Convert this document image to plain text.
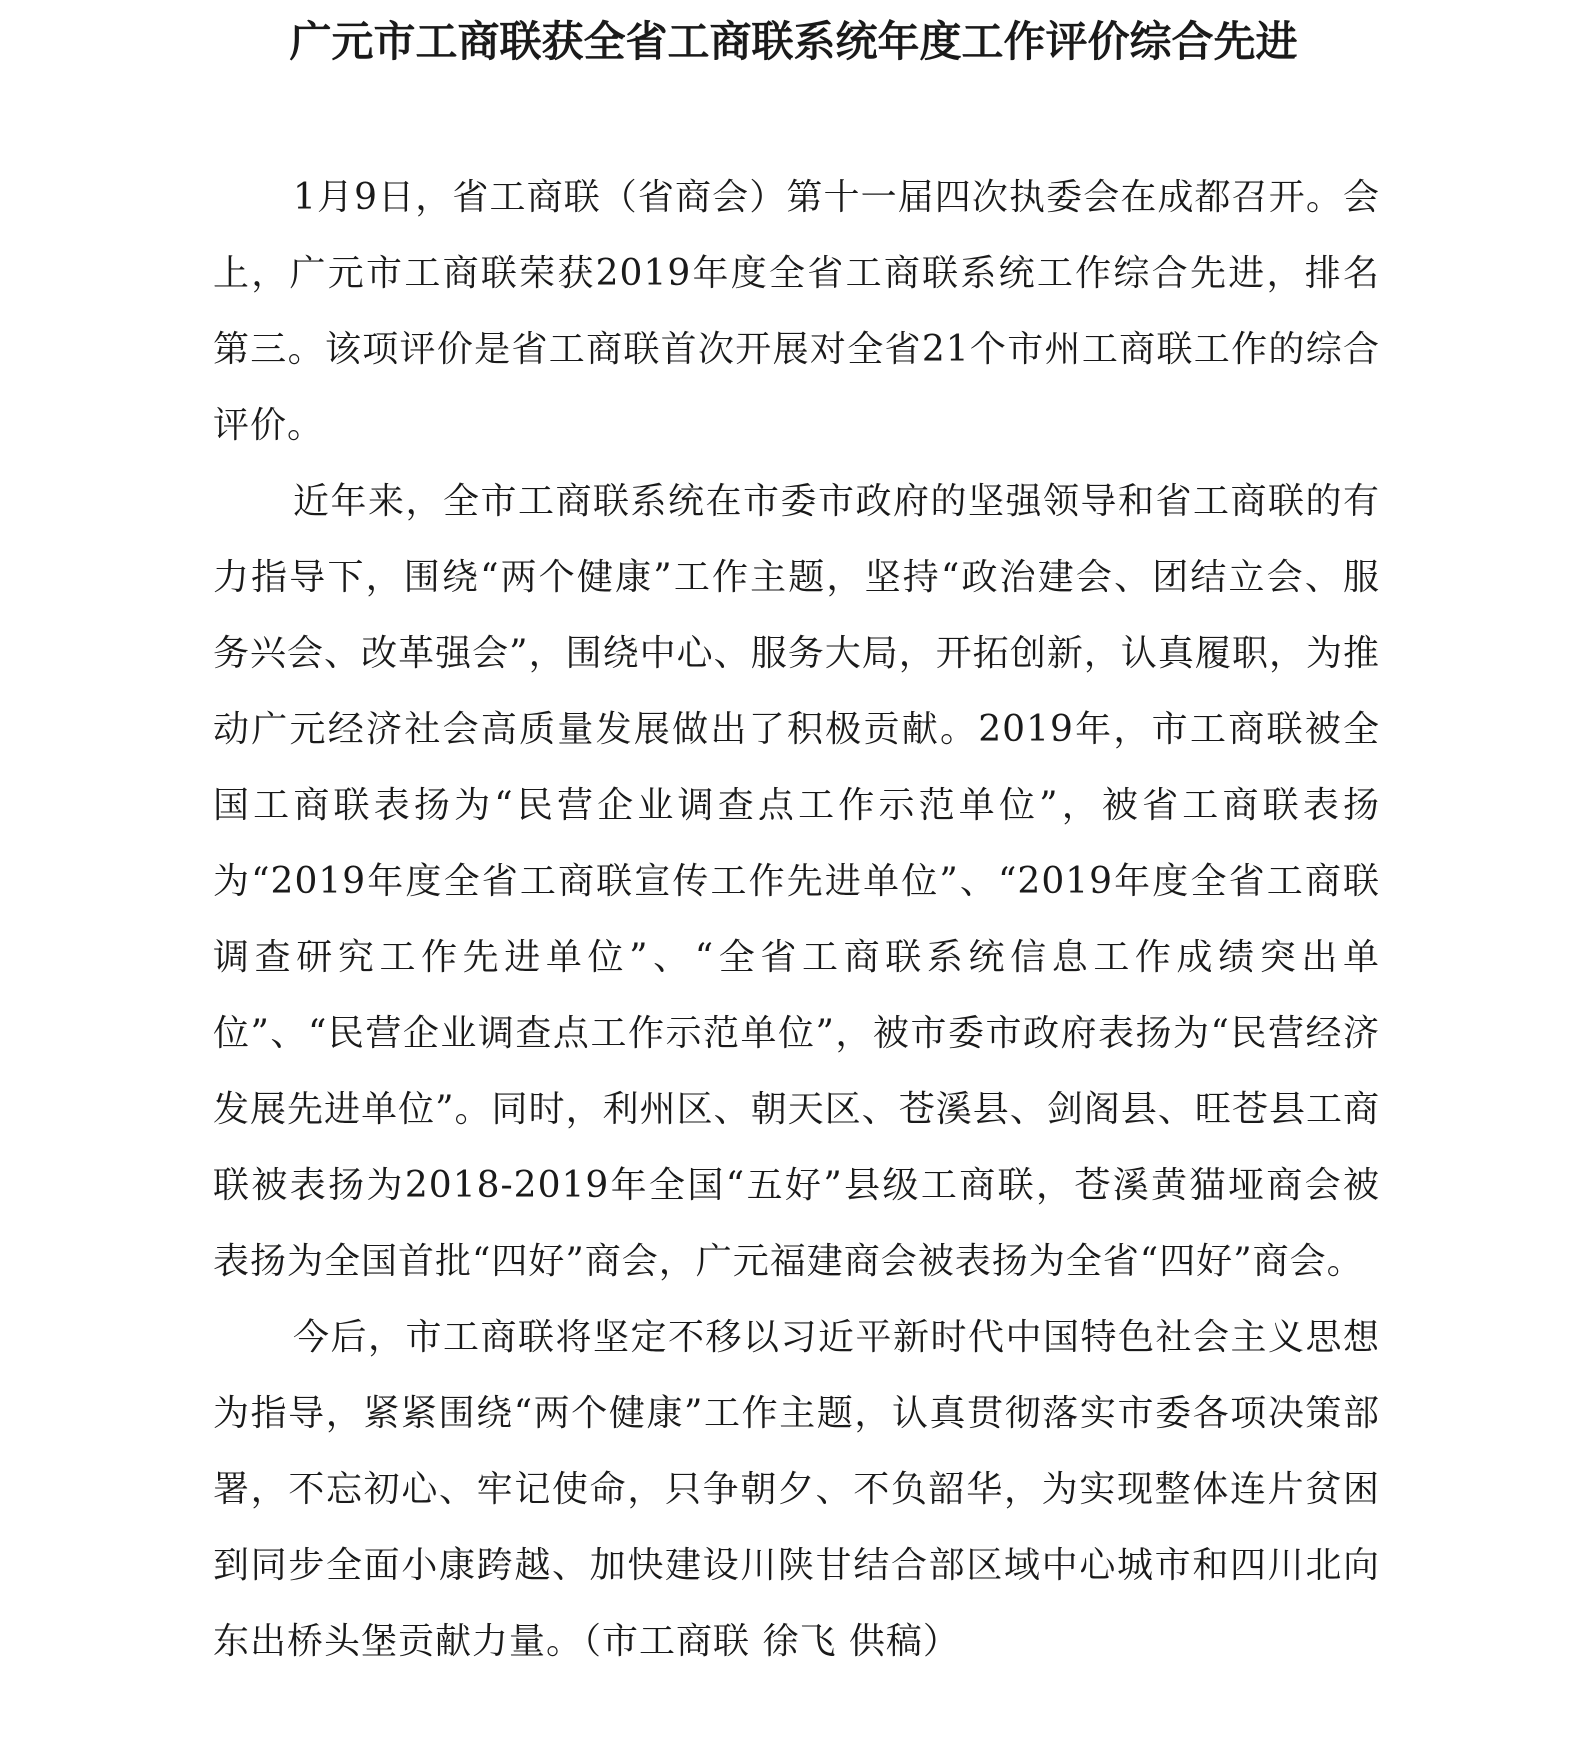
广元市工商联获全省工商联系统年度工作评价综合先进

1月9日，省工商联（省商会）第十一届四次执委会在成都召开。会上，广元市工商联荣获2019年度全省工商联系统工作综合先进，排名第三。该项评价是省工商联首次开展对全省21个市州工商联工作的综合评价。

近年来，全市工商联系统在市委市政府的坚强领导和省工商联的有力指导下，围绕“两个健康”工作主题，坚持“政治建会、团结立会、服务兴会、改革强会”，围绕中心、服务大局，开拓创新，认真履职，为推动广元经济社会高质量发展做出了积极贡献。2019年，市工商联被全国工商联表扬为“民营企业调查点工作示范单位”，被省工商联表扬为“2019年度全省工商联宣传工作先进单位”、“2019年度全省工商联调查研究工作先进单位”、“全省工商联系统信息工作成绩突出单位”、“民营企业调查点工作示范单位”，被市委市政府表扬为“民营经济发展先进单位”。同时，利州区、朝天区、苍溪县、剑阁县、旺苍县工商联被表扬为2018-2019年全国“五好”县级工商联，苍溪黄猫垭商会被表扬为全国首批“四好”商会，广元福建商会被表扬为全省“四好”商会。

今后，市工商联将坚定不移以习近平新时代中国特色社会主义思想为指导，紧紧围绕“两个健康”工作主题，认真贯彻落实市委各项决策部署，不忘初心、牢记使命，只争朝夕、不负韶华，为实现整体连片贫困到同步全面小康跨越、加快建设川陕甘结合部区域中心城市和四川北向东出桥头堡贡献力量。（市工商联 徐飞 供稿）
